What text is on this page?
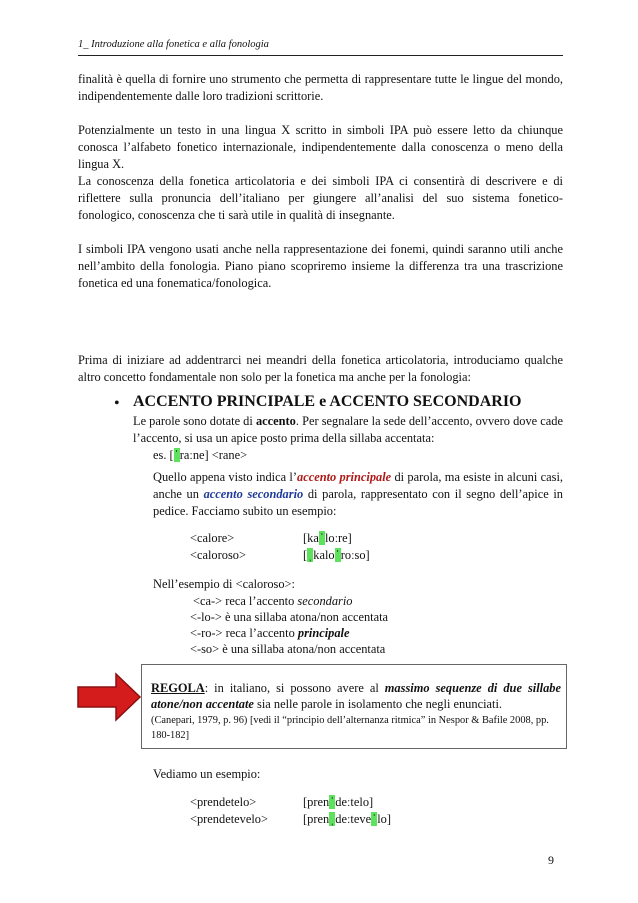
1_ Introduzione alla fonetica e alla fonologia

finalità è quella di fornire uno strumento che permetta di rappresentare tutte le lingue del mondo, indipendentemente dalle loro tradizioni scrittorie.

Potenzialmente un testo in una lingua X scritto in simboli IPA può essere letto da chiunque conosca l’alfabeto fonetico internazionale, indipendentemente dalla conoscenza o meno della lingua X.

La conoscenza della fonetica articolatoria e dei simboli IPA ci consentirà di descrivere e di riflettere sulla pronuncia dell’italiano per giungere all’analisi del suo sistema fonetico-fonologico, conoscenza che ti sarà utile in qualità di insegnante.

I simboli IPA vengono usati anche nella rappresentazione dei fonemi, quindi saranno utili anche nell’ambito della fonologia. Piano piano scopriremo insieme la differenza tra una trascrizione fonetica ed una fonematica/fonologica.

Prima di iniziare ad addentrarci nei meandri della fonetica articolatoria, introduciamo qualche altro concetto fondamentale non solo per la fonetica ma anche per la fonologia:

• ACCENTO PRINCIPALE e ACCENTO SECONDARIO

Le parole sono dotate di accento. Per segnalare la sede dell’accento, ovvero dove cade l’accento, si usa un apice posto prima della sillaba accentata:

es. [ˈraːne] <rane>

Quello appena visto indica l’accento principale di parola, ma esiste in alcuni casi, anche un accento secondario di parola, rappresentato con il segno dell’apice in pedice. Facciamo subito un esempio:

<calore>	[kaˈloːre]
<caloroso>	[ˌkaloˈroːso]
Nell’esempio di <caloroso>:
<ca-> reca l’accento secondario
<-lo-> è una sillaba atona/non accentata
<-ro-> reca l’accento principale
<-so> è una sillaba atona/non accentata

REGOLA: in italiano, si possono avere al massimo sequenze di due sillabe atone/non accentate sia nelle parole in isolamento che negli enunciati.

(Canepari, 1979, p. 96) [vedi il “principio dell’alternanza ritmica” in Nespor & Bafile 2008, pp. 180-182]

Vediamo un esempio:
<prendetelo>	[prenˈdeːtelo]
<prendetevelo>	[prenˌdeːteveˈlo]
9
